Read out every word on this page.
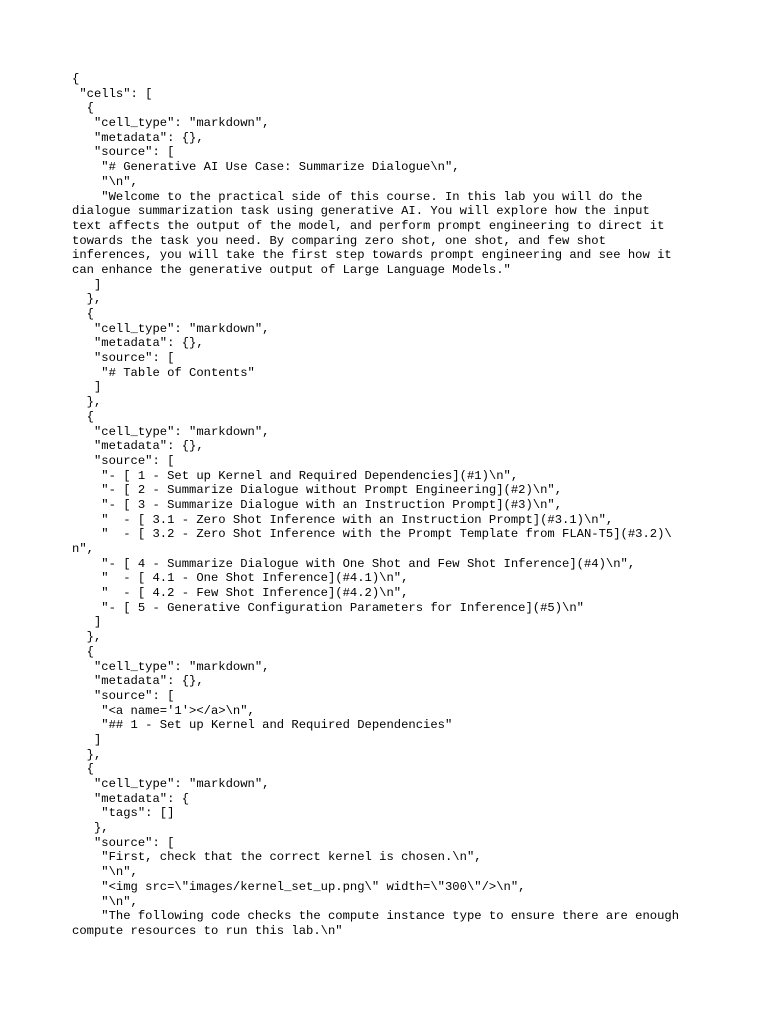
{
"cells": [
{
"cell_type": "markdown",
"metadata": {},
"source": [
"# Generative AI Use Case: Summarize Dialogue\n",
"\n",
"Welcome to the practical side of this course. In this lab you will do the
dialogue summarization task using generative AI. You will explore how the input
text affects the output of the model, and perform prompt engineering to direct it
towards the task you need. By comparing zero shot, one shot, and few shot
inferences, you will take the first step towards prompt engineering and see how it
can enhance the generative output of Large Language Models."
]
},
{
"cell_type": "markdown",
"metadata": {},
"source": [
"# Table of Contents"
]
},
{
"cell_type": "markdown",
"metadata": {},
"source": [
"- [ 1 - Set up Kernel and Required Dependencies](#1)\n",
"- [ 2 - Summarize Dialogue without Prompt Engineering](#2)\n",
"- [ 3 - Summarize Dialogue with an Instruction Prompt](#3)\n",
"  - [ 3.1 - Zero Shot Inference with an Instruction Prompt](#3.1)\n",
"  - [ 3.2 - Zero Shot Inference with the Prompt Template from FLAN-T5](#3.2)\
n",
"- [ 4 - Summarize Dialogue with One Shot and Few Shot Inference](#4)\n",
"  - [ 4.1 - One Shot Inference](#4.1)\n",
"  - [ 4.2 - Few Shot Inference](#4.2)\n",
"- [ 5 - Generative Configuration Parameters for Inference](#5)\n"
]
},
{
"cell_type": "markdown",
"metadata": {},
"source": [
"<a name='1'></a>\n",
"## 1 - Set up Kernel and Required Dependencies"
]
},
{
"cell_type": "markdown",
"metadata": {
"tags": []
},
"source": [
"First, check that the correct kernel is chosen.\n",
"\n",
"<img src=\"images/kernel_set_up.png\" width=\"300\"/>\n",
"\n",
"The following code checks the compute instance type to ensure there are enough
compute resources to run this lab.\n"
